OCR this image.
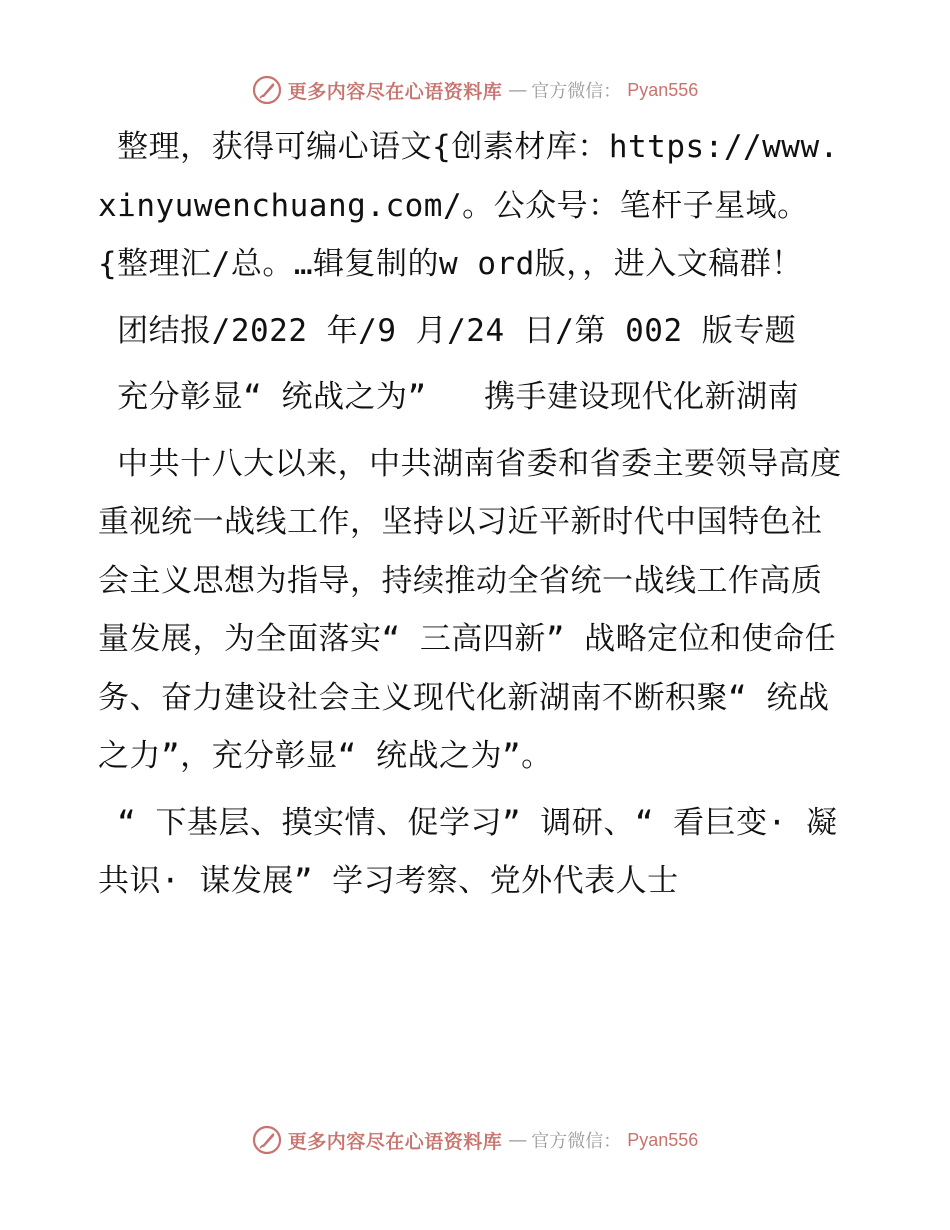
更多内容尽在心语资料库 — 官方微信： Pyan556

整理，获得可编心语文{创素材库：https://www.xinyuwenchuang.com/。公众号：笔杆子星域。{整理汇/总。…辑复制的w ord版，，进入文稿群！

团结报/2022 年/9 月/24 日/第 002 版专题

充分彰显“ 统战之为”   携手建设现代化新湖南

中共十八大以来，中共湖南省委和省委主要领导高度重视统一战线工作，坚持以习近平新时代中国特色社会主义思想为指导，持续推动全省统一战线工作高质量发展，为全面落实“ 三高四新” 战略定位和使命任务、奋力建设社会主义现代化新湖南不断积聚“ 统战之力”，充分彰显“ 统战之为”。

“ 下基层、摸实情、促学习” 调研、“ 看巨变· 凝共识· 谋发展” 学习考察、党外代表人士

更多内容尽在心语资料库 — 官方微信： Pyan556
